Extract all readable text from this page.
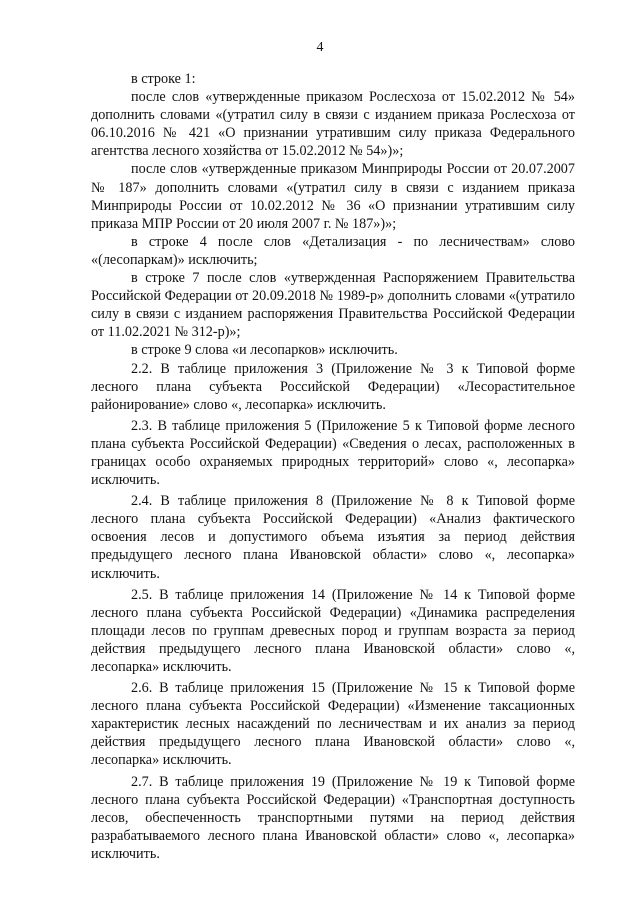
4

в строке 1:

после слов «утвержденные приказом Рослесхоза от 15.02.2012 № 54» дополнить словами «(утратил силу в связи с изданием приказа Рослесхоза от 06.10.2016 № 421 «О признании утратившим силу приказа Федерального агентства лесного хозяйства от 15.02.2012 № 54»)»;

после слов «утвержденные приказом Минприроды России от 20.07.2007 № 187» дополнить словами «(утратил силу в связи с изданием приказа Минприроды России от 10.02.2012 № 36 «О признании утратившим силу приказа МПР России от 20 июля 2007 г. № 187»)»;

в строке 4 после слов «Детализация - по лесничествам» слово «(лесопаркам)» исключить;

в строке 7 после слов «утвержденная Распоряжением Правительства Российской Федерации от 20.09.2018 № 1989-р» дополнить словами «(утратило силу в связи с изданием распоряжения Правительства Российской Федерации от 11.02.2021 № 312-р)»;

в строке 9 слова «и лесопарков» исключить.

2.2. В таблице приложения 3 (Приложение № 3 к Типовой форме лесного плана субъекта Российской Федерации) «Лесорастительное районирование» слово «, лесопарка» исключить.

2.3. В таблице приложения 5 (Приложение 5 к Типовой форме лесного плана субъекта Российской Федерации) «Сведения о лесах, расположенных в границах особо охраняемых природных территорий» слово «, лесопарка» исключить.

2.4. В таблице приложения 8 (Приложение № 8 к Типовой форме лесного плана субъекта Российской Федерации) «Анализ фактического освоения лесов и допустимого объема изъятия за период действия предыдущего лесного плана Ивановской области» слово «, лесопарка» исключить.

2.5. В таблице приложения 14 (Приложение № 14 к Типовой форме лесного плана субъекта Российской Федерации) «Динамика распределения площади лесов по группам древесных пород и группам возраста за период действия предыдущего лесного плана Ивановской области» слово «, лесопарка» исключить.

2.6. В таблице приложения 15 (Приложение № 15 к Типовой форме лесного плана субъекта Российской Федерации) «Изменение таксационных характеристик лесных насаждений по лесничествам и их анализ за период действия предыдущего лесного плана Ивановской области» слово «, лесопарка» исключить.

2.7. В таблице приложения 19 (Приложение № 19 к Типовой форме лесного плана субъекта Российской Федерации) «Транспортная доступность лесов, обеспеченность транспортными путями на период действия разрабатываемого лесного плана Ивановской области» слово «, лесопарка» исключить.
